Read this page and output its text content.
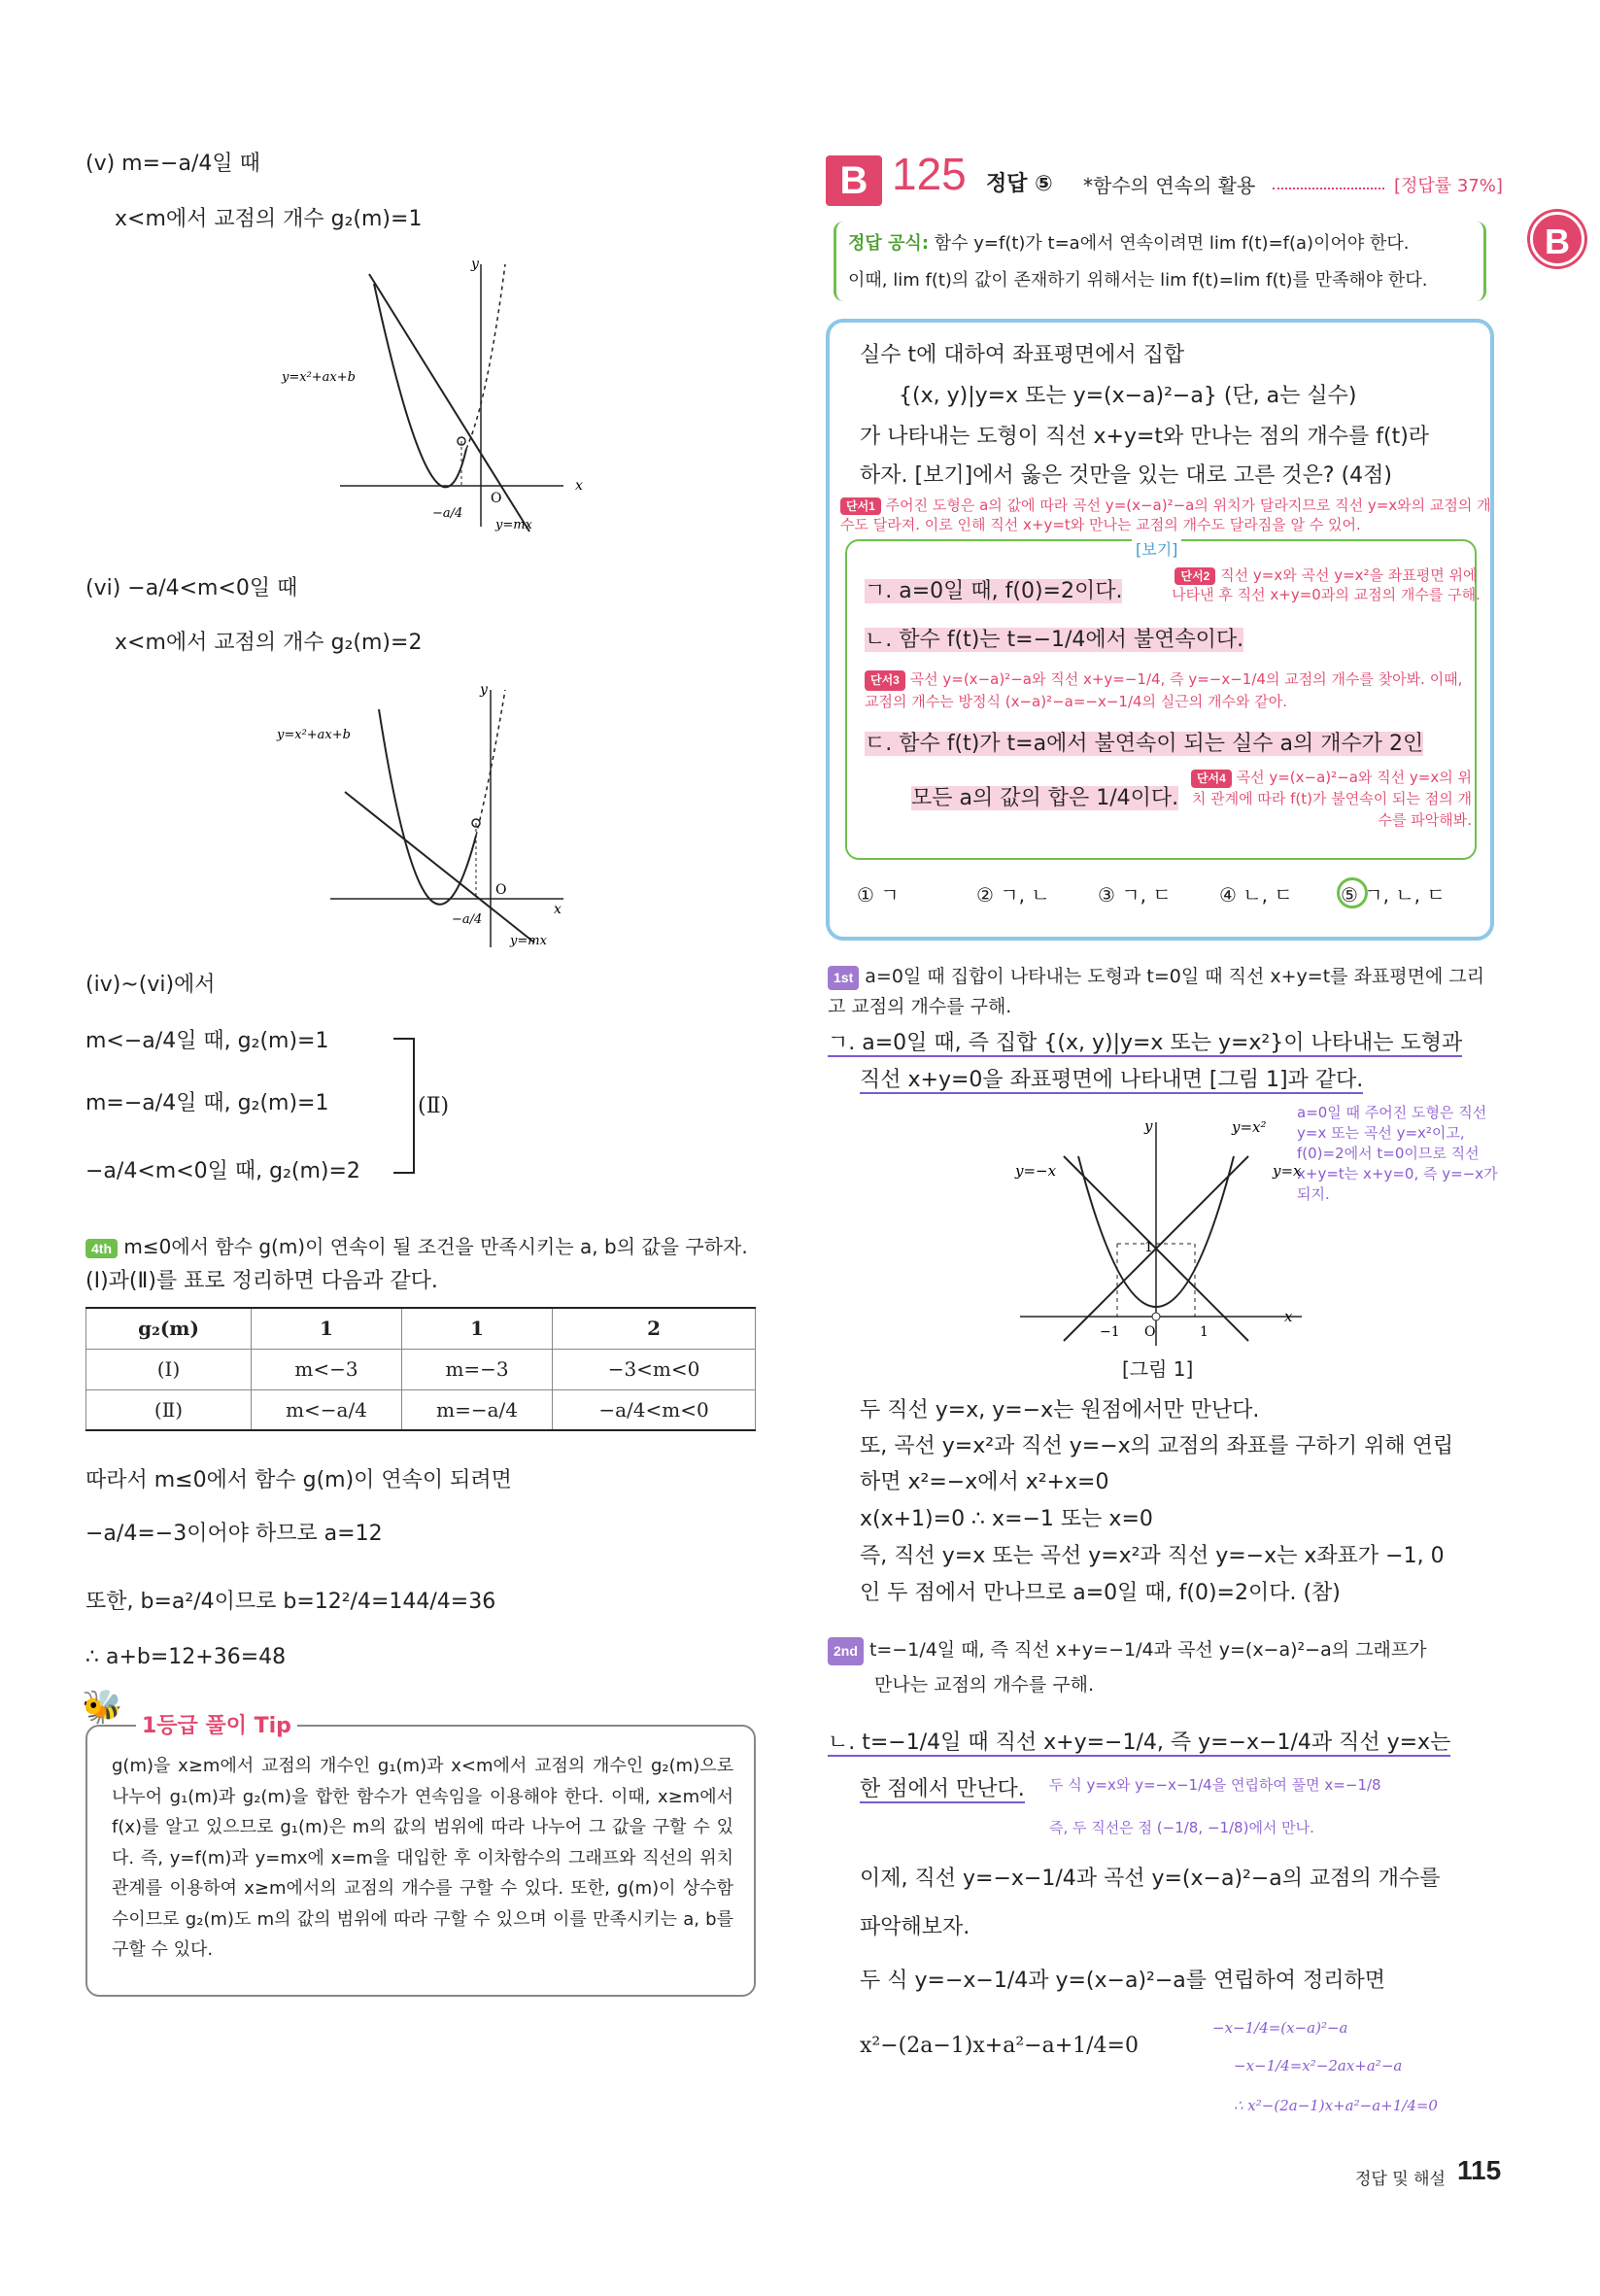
(v) m=−a/4일 때
x<m에서 교점의 개수 g₂(m)=1
y=x²+ax+b
O
x
y
−a/4
y=mx
(vi) −a/4<m<0일 때
x<m에서 교점의 개수 g₂(m)=2
y=x²+ax+b
O
x
y
−a/4
y=mx
(iv)~(vi)에서
m<−a/4일 때, g₂(m)=1
m=−a/4일 때, g₂(m)=1
−a/4<m<0일 때, g₂(m)=2
(Ⅱ)
4th m≤0에서 함수 g(m)이 연속이 될 조건을 만족시키는 a, b의 값을 구하자.
(Ⅰ)과(Ⅱ)를 표로 정리하면 다음과 같다.
g₂(m)	1	1	2
(Ⅰ)	m<−3	m=−3	−3<m<0
(Ⅱ)	m<−a/4	m=−a/4	−a/4<m<0
따라서 m≤0에서 함수 g(m)이 연속이 되려면
−a/4=−3이어야 하므로 a=12
또한, b=a²/4이므로 b=12²/4=144/4=36
∴ a+b=12+36=48
🐝 1등급 풀이 Tip
g(m)을 x≥m에서 교점의 개수인 g₁(m)과 x<m에서 교점의 개수인 g₂(m)으로 나누어 g₁(m)과 g₂(m)을 합한 함수가 연속임을 이용해야 한다. 이때, x≥m에서 f(x)를 알고 있으므로 g₁(m)은 m의 값의 범위에 따라 나누어 그 값을 구할 수 있다. 즉, y=f(m)과 y=mx에 x=m을 대입한 후 이차함수의 그래프와 직선의 위치 관계를 이용하여 x≥m에서의 교점의 개수를 구할 수 있다. 또한, g(m)이 상수함수이므로 g₂(m)도 m의 값의 범위에 따라 구할 수 있으며 이를 만족시키는 a, b를 구할 수 있다.
B 125 정답 ⑤ *함수의 연속의 활용	[정답률 37%]
B
정답 공식: 함수 y=f(t)가 t=a에서 연속이려면 lim f(t)=f(a)이어야 한다.
이때, lim f(t)의 값이 존재하기 위해서는 lim f(t)=lim f(t)를 만족해야 한다.
실수 t에 대하여 좌표평면에서 집합
{(x, y)|y=x 또는 y=(x−a)²−a} (단, a는 실수)
가 나타내는 도형이 직선 x+y=t와 만나는 점의 개수를 f(t)라
하자. [보기]에서 옳은 것만을 있는 대로 고른 것은? (4점)
단서1 주어진 도형은 a의 값에 따라 곡선 y=(x−a)²−a의 위치가 달라지므로 직선 y=x와의 교점의 개수도 달라져. 이로 인해 직선 x+y=t와 만나는 교점의 개수도 달라짐을 알 수 있어.
[보기]
ㄱ. a=0일 때, f(0)=2이다.
단서2 직선 y=x와 곡선 y=x²을 좌표평면 위에 나타낸 후 직선 x+y=0과의 교점의 개수를 구해.
ㄴ. 함수 f(t)는 t=−1/4에서 불연속이다.
단서3 곡선 y=(x−a)²−a와 직선 x+y=−1/4, 즉 y=−x−1/4의 교점의 개수를 찾아봐. 이때, 교점의 개수는 방정식 (x−a)²−a=−x−1/4의 실근의 개수와 같아.
ㄷ. 함수 f(t)가 t=a에서 불연속이 되는 실수 a의 개수가 2인
모든 a의 값의 합은 1/4이다.
단서4 곡선 y=(x−a)²−a와 직선 y=x의 위치 관계에 따라 f(t)가 불연속이 되는 점의 개수를 파악해봐.
① ㄱ	② ㄱ, ㄴ ③ ㄱ, ㄷ ④ ㄴ, ㄷ ⑤ ㄱ, ㄴ, ㄷ
1st a=0일 때 집합이 나타내는 도형과 t=0일 때 직선 x+y=t를 좌표평면에 그리고 교점의 개수를 구해.
ㄱ. a=0일 때, 즉 집합 {(x, y)|y=x 또는 y=x²}이 나타내는 도형과
직선 x+y=0을 좌표평면에 나타내면 [그림 1]과 같다.
a=0일 때 주어진 도형은 직선 y=x 또는 곡선 y=x²이고, f(0)=2에서 t=0이므로 직선 x+y=t는 x+y=0, 즉 y=−x가 되지.
y=−x
y=x²
y=x
1
−1 O	1
x
y
[그림 1]
두 직선 y=x, y=−x는 원점에서만 만난다.
또, 곡선 y=x²과 직선 y=−x의 교점의 좌표를 구하기 위해 연립
하면 x²=−x에서 x²+x=0
x(x+1)=0 ∴ x=−1 또는 x=0
즉, 직선 y=x 또는 곡선 y=x²과 직선 y=−x는 x좌표가 −1, 0
인 두 점에서 만나므로 a=0일 때, f(0)=2이다. (참)
2nd t=−1/4일 때, 즉 직선 x+y=−1/4과 곡선 y=(x−a)²−a의 그래프가
만나는 교점의 개수를 구해.
ㄴ. t=−1/4일 때 직선 x+y=−1/4, 즉 y=−x−1/4과 직선 y=x는
한 점에서 만난다. 두 식 y=x와 y=−x−1/4을 연립하여 풀면 x=−1/8
즉, 두 직선은 점 (−1/8, −1/8)에서 만나.
이제, 직선 y=−x−1/4과 곡선 y=(x−a)²−a의 교점의 개수를
파악해보자.
두 식 y=−x−1/4과 y=(x−a)²−a를 연립하여 정리하면
x²−(2a−1)x+a²−a+1/4=0
−x−1/4=(x−a)²−a
−x−1/4=x²−2ax+a²−a
∴ x²−(2a−1)x+a²−a+1/4=0
정답 및 해설 115
